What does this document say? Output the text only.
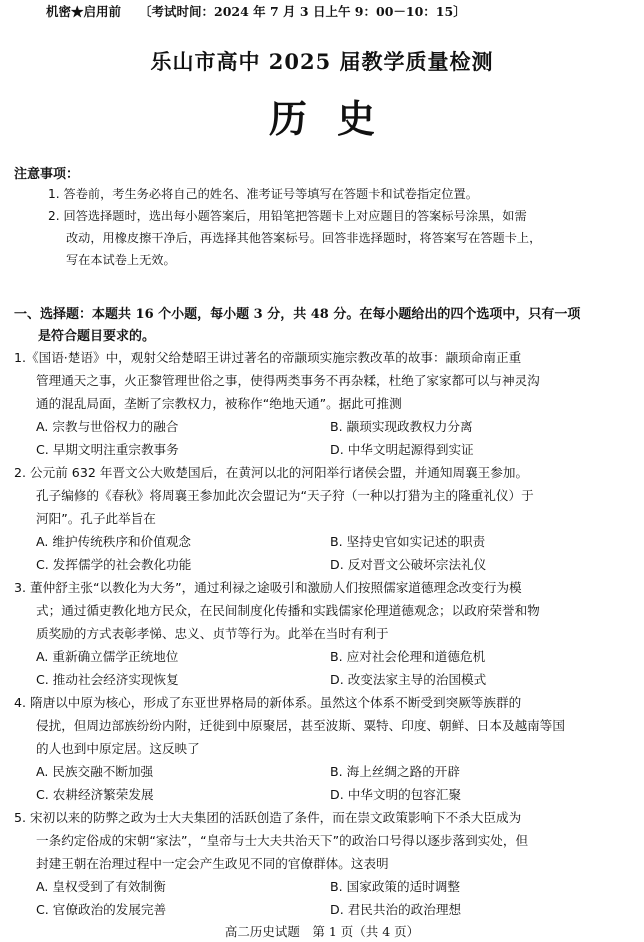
机密★启用前 〔考试时间：2024 年 7 月 3 日上午 9：00－10：15〕
乐山市高中 2025 届教学质量检测
历史
注意事项：
1. 答卷前，考生务必将自己的姓名、准考证号等填写在答题卡和试卷指定位置。
2. 回答选择题时，选出每小题答案后，用铅笔把答题卡上对应题目的答案标号涂黑，如需
改动，用橡皮擦干净后，再选择其他答案标号。回答非选择题时，将答案写在答题卡上，
写在本试卷上无效。
一、选择题：本题共 16 个小题，每小题 3 分，共 48 分。在每小题给出的四个选项中，只有一项
是符合题目要求的。
1.《国语·楚语》中，观射父给楚昭王讲过著名的帝颛顼实施宗教改革的故事：颛顼命南正重
管理通天之事，火正黎管理世俗之事，使得两类事务不再杂糅，杜绝了家家都可以与神灵沟
通的混乱局面，垄断了宗教权力，被称作“绝地天通”。据此可推测
A. 宗教与世俗权力的融合	B. 颛顼实现政教权力分离
C. 早期文明注重宗教事务	D. 中华文明起源得到实证
2. 公元前 632 年晋文公大败楚国后，在黄河以北的河阳举行诸侯会盟，并通知周襄王参加。
孔子编修的《春秋》将周襄王参加此次会盟记为“天子狩（一种以打猎为主的隆重礼仪）于
河阳”。孔子此举旨在
A. 维护传统秩序和价值观念	B. 坚持史官如实记述的职责
C. 发挥儒学的社会教化功能	D. 反对晋文公破坏宗法礼仪
3. 董仲舒主张“以教化为大务”，通过利禄之途吸引和激励人们按照儒家道德理念改变行为模
式；通过循吏教化地方民众，在民间制度化传播和实践儒家伦理道德观念；以政府荣誉和物
质奖励的方式表彰孝悌、忠义、贞节等行为。此举在当时有利于
A. 重新确立儒学正统地位	B. 应对社会伦理和道德危机
C. 推动社会经济实现恢复	D. 改变法家主导的治国模式
4. 隋唐以中原为核心，形成了东亚世界格局的新体系。虽然这个体系不断受到突厥等族群的
侵扰，但周边部族纷纷内附，迁徙到中原聚居，甚至波斯、粟特、印度、朝鲜、日本及越南等国
的人也到中原定居。这反映了
A. 民族交融不断加强	B. 海上丝绸之路的开辟
C. 农耕经济繁荣发展	D. 中华文明的包容汇聚
5. 宋初以来的防弊之政为士大夫集团的活跃创造了条件，而在崇文政策影响下不杀大臣成为
一条约定俗成的宋朝“家法”，“皇帝与士大夫共治天下”的政治口号得以逐步落到实处，但
封建王朝在治理过程中一定会产生政见不同的官僚群体。这表明
A. 皇权受到了有效制衡	B. 国家政策的适时调整
C. 官僚政治的发展完善	D. 君民共治的政治理想
高二历史试题　第 1 页（共 4 页）
